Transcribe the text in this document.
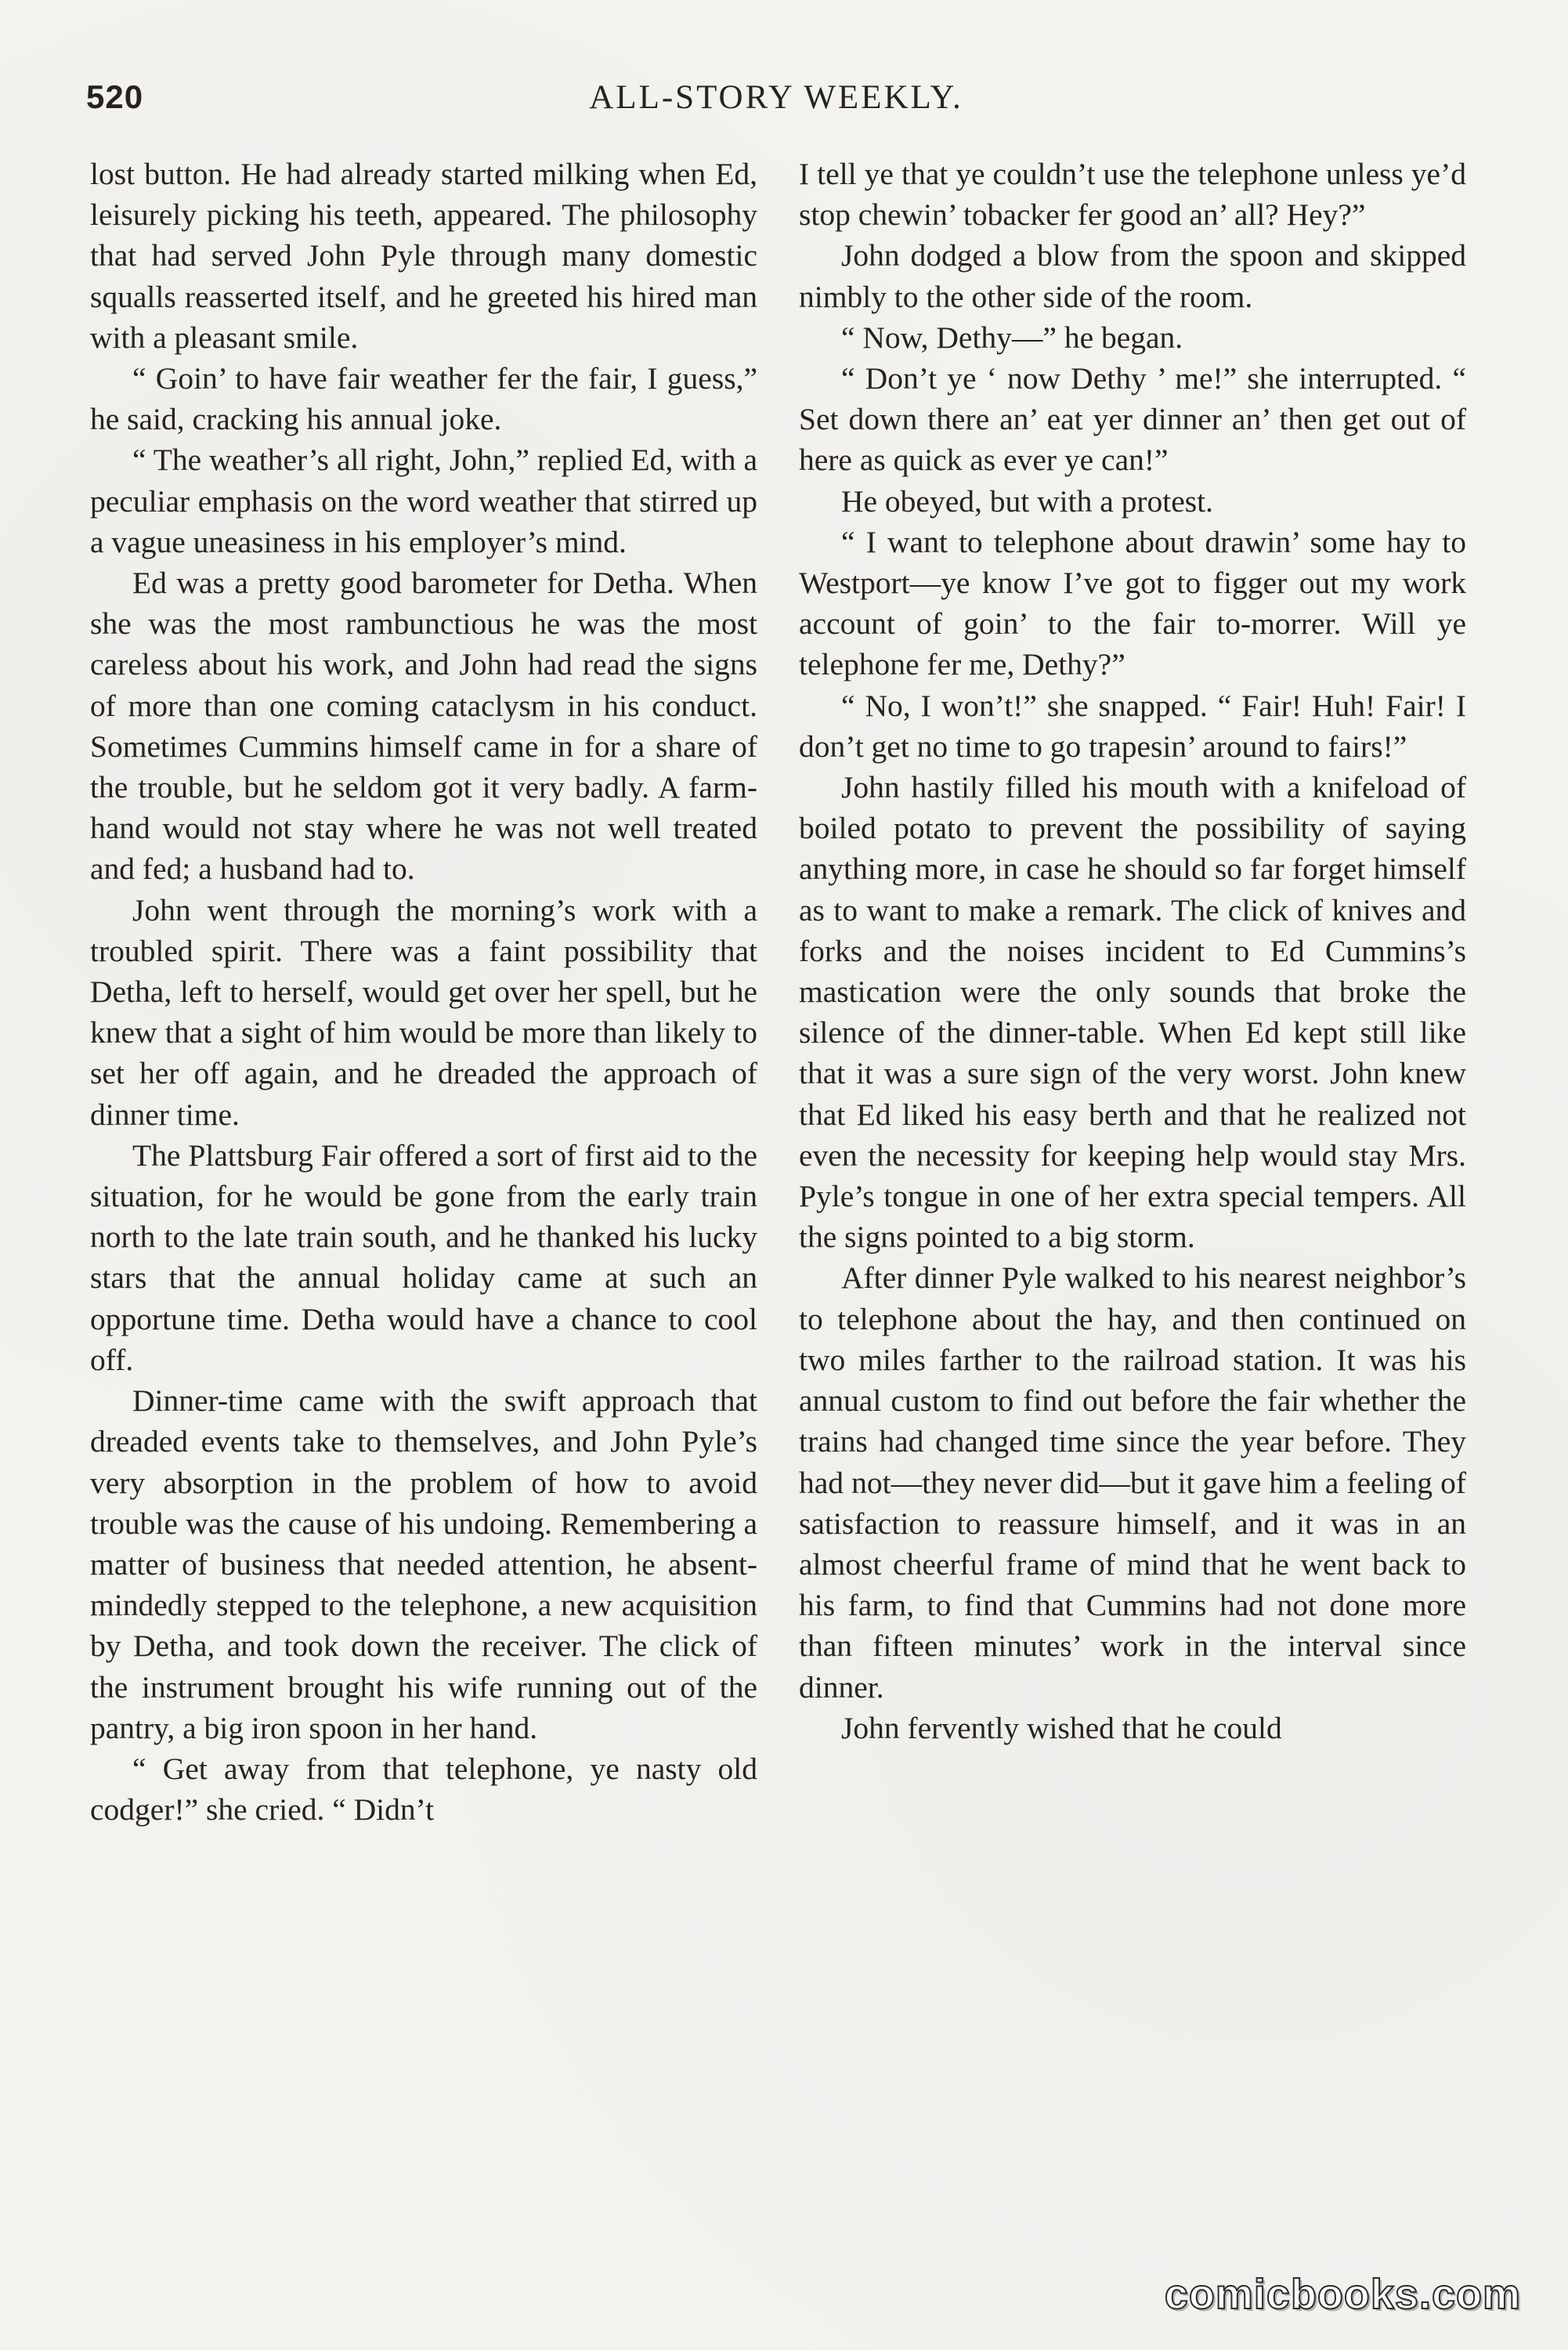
520	ALL-STORY WEEKLY.

lost button. He had already started milking when Ed, leisurely picking his teeth, appeared. The philosophy that had served John Pyle through many domestic squalls reasserted itself, and he greeted his hired man with a pleasant smile.

“ Goin’ to have fair weather fer the fair, I guess,” he said, cracking his annual joke.

“ The weather’s all right, John,” replied Ed, with a peculiar emphasis on the word weather that stirred up a vague uneasiness in his employer’s mind.

Ed was a pretty good barometer for Detha. When she was the most rambunctious he was the most careless about his work, and John had read the signs of more than one coming cataclysm in his conduct. Sometimes Cummins himself came in for a share of the trouble, but he seldom got it very badly. A farm-hand would not stay where he was not well treated and fed; a husband had to.

John went through the morning’s work with a troubled spirit. There was a faint possibility that Detha, left to herself, would get over her spell, but he knew that a sight of him would be more than likely to set her off again, and he dreaded the approach of dinner time.

The Plattsburg Fair offered a sort of first aid to the situation, for he would be gone from the early train north to the late train south, and he thanked his lucky stars that the annual holiday came at such an opportune time. Detha would have a chance to cool off.

Dinner-time came with the swift approach that dreaded events take to themselves, and John Pyle’s very absorption in the problem of how to avoid trouble was the cause of his undoing. Remembering a matter of business that needed attention, he absent-mindedly stepped to the telephone, a new acquisition by Detha, and took down the receiver. The click of the instrument brought his wife running out of the pantry, a big iron spoon in her hand.

“ Get away from that telephone, ye nasty old codger!” she cried. “ Didn’t

I tell ye that ye couldn’t use the telephone unless ye’d stop chewin’ tobacker fer good an’ all? Hey?”

John dodged a blow from the spoon and skipped nimbly to the other side of the room.

“ Now, Dethy—” he began.

“ Don’t ye ‘ now Dethy ’ me!” she interrupted. “ Set down there an’ eat yer dinner an’ then get out of here as quick as ever ye can!”

He obeyed, but with a protest.

“ I want to telephone about drawin’ some hay to Westport—ye know I’ve got to figger out my work account of goin’ to the fair to-morrer. Will ye telephone fer me, Dethy?”

“ No, I won’t!” she snapped. “ Fair! Huh! Fair! I don’t get no time to go trapesin’ around to fairs!”

John hastily filled his mouth with a knifeload of boiled potato to prevent the possibility of saying anything more, in case he should so far forget himself as to want to make a remark. The click of knives and forks and the noises incident to Ed Cummins’s mastication were the only sounds that broke the silence of the dinner-table. When Ed kept still like that it was a sure sign of the very worst. John knew that Ed liked his easy berth and that he realized not even the necessity for keeping help would stay Mrs. Pyle’s tongue in one of her extra special tempers. All the signs pointed to a big storm.

After dinner Pyle walked to his nearest neighbor’s to telephone about the hay, and then continued on two miles farther to the railroad station. It was his annual custom to find out before the fair whether the trains had changed time since the year before. They had not—they never did—but it gave him a feeling of satisfaction to reassure himself, and it was in an almost cheerful frame of mind that he went back to his farm, to find that Cummins had not done more than fifteen minutes’ work in the interval since dinner.

John fervently wished that he could

comicbooks.com
